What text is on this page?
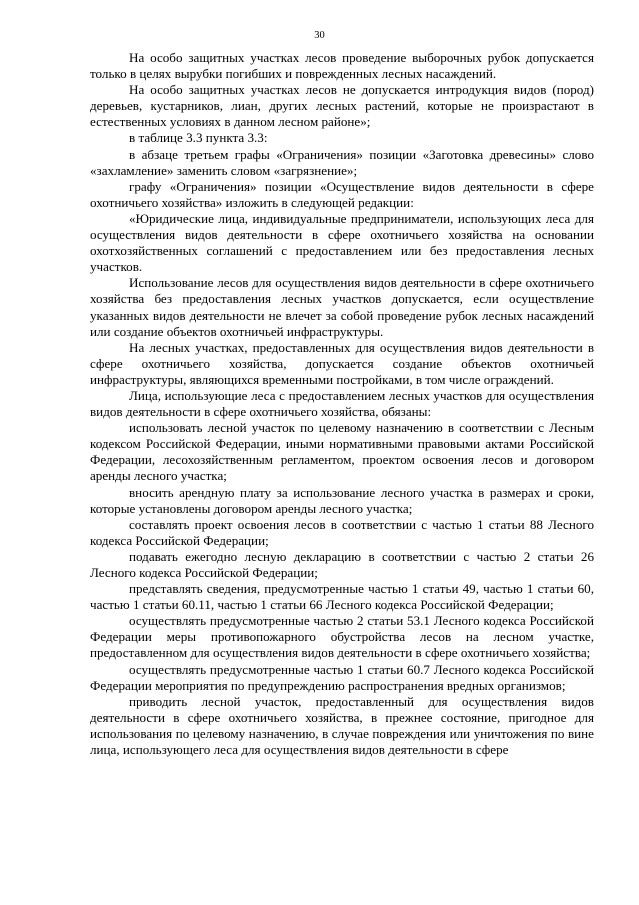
30

На особо защитных участках лесов проведение выборочных рубок допускается только в целях вырубки погибших и поврежденных лесных насаждений.

На особо защитных участках лесов не допускается интродукция видов (пород) деревьев, кустарников, лиан, других лесных растений, которые не произрастают в естественных условиях в данном лесном районе»;

в таблице 3.3 пункта 3.3:

в абзаце третьем графы «Ограничения» позиции «Заготовка древесины» слово «захламление» заменить словом «загрязнение»;

графу «Ограничения» позиции «Осуществление видов деятельности в сфере охотничьего хозяйства» изложить в следующей редакции:

«Юридические лица, индивидуальные предприниматели, использующих леса для осуществления видов деятельности в сфере охотничьего хозяйства на основании охотхозяйственных соглашений с предоставлением или без предоставления лесных участков.

Использование лесов для осуществления видов деятельности в сфере охотничьего хозяйства без предоставления лесных участков допускается, если осуществление указанных видов деятельности не влечет за собой проведение рубок лесных насаждений или создание объектов охотничьей инфраструктуры.

На лесных участках, предоставленных для осуществления видов деятельности в сфере охотничьего хозяйства, допускается создание объектов охотничьей инфраструктуры, являющихся временными постройками, в том числе ограждений.

Лица, использующие леса с предоставлением лесных участков для осуществления видов деятельности в сфере охотничьего хозяйства, обязаны:

использовать лесной участок по целевому назначению в соответствии с Лесным кодексом Российской Федерации, иными нормативными правовыми актами Российской Федерации, лесохозяйственным регламентом, проектом освоения лесов и договором аренды лесного участка;

вносить арендную плату за использование лесного участка в размерах и сроки, которые установлены договором аренды лесного участка;

составлять проект освоения лесов в соответствии с частью 1 статьи 88 Лесного кодекса Российской Федерации;

подавать ежегодно лесную декларацию в соответствии с частью 2 статьи 26 Лесного кодекса Российской Федерации;

представлять сведения, предусмотренные частью 1 статьи 49, частью 1 статьи 60, частью 1 статьи 60.11, частью 1 статьи 66 Лесного кодекса Российской Федерации;

осуществлять предусмотренные частью 2 статьи 53.1 Лесного кодекса Российской Федерации меры противопожарного обустройства лесов на лесном участке, предоставленном для осуществления видов деятельности в сфере охотничьего хозяйства;

осуществлять предусмотренные частью 1 статьи 60.7 Лесного кодекса Российской Федерации мероприятия по предупреждению распространения вредных организмов;

приводить лесной участок, предоставленный для осуществления видов деятельности в сфере охотничьего хозяйства, в прежнее состояние, пригодное для использования по целевому назначению, в случае повреждения или уничтожения по вине лица, использующего леса для осуществления видов деятельности в сфере
